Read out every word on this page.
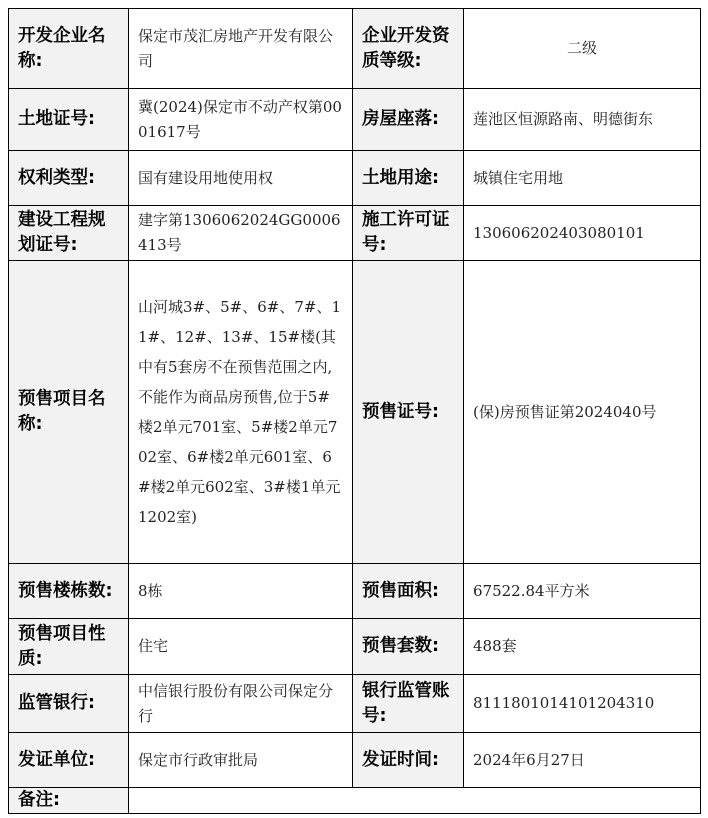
开发企业名称:	保定市茂汇房地产开发有限公司	企业开发资质等级:	二级
土地证号:	冀(2024)保定市不动产权第0001617号	房屋座落:	莲池区恒源路南、明德街东
权利类型:	国有建设用地使用权	土地用途:	城镇住宅用地
建设工程规划证号:	建字第1306062024GG0006413号	施工许可证号:	130606202403080101
预售项目名称:	山河城3#、5#、6#、7#、11#、12#、13#、15#楼(其中有5套房不在预售范围之内,不能作为商品房预售,位于5#楼2单元701室、5#楼2单元702室、6#楼2单元601室、6#楼2单元602室、3#楼1单元1202室)	预售证号:	(保)房预售证第2024040号
预售楼栋数:	8栋	预售面积:	67522.84平方米
预售项目性质:	住宅	预售套数:	488套
监管银行:	中信银行股份有限公司保定分行	银行监管账号:	8111801014101204310
发证单位:	保定市行政审批局	发证时间:	2024年6月27日
备注:			
